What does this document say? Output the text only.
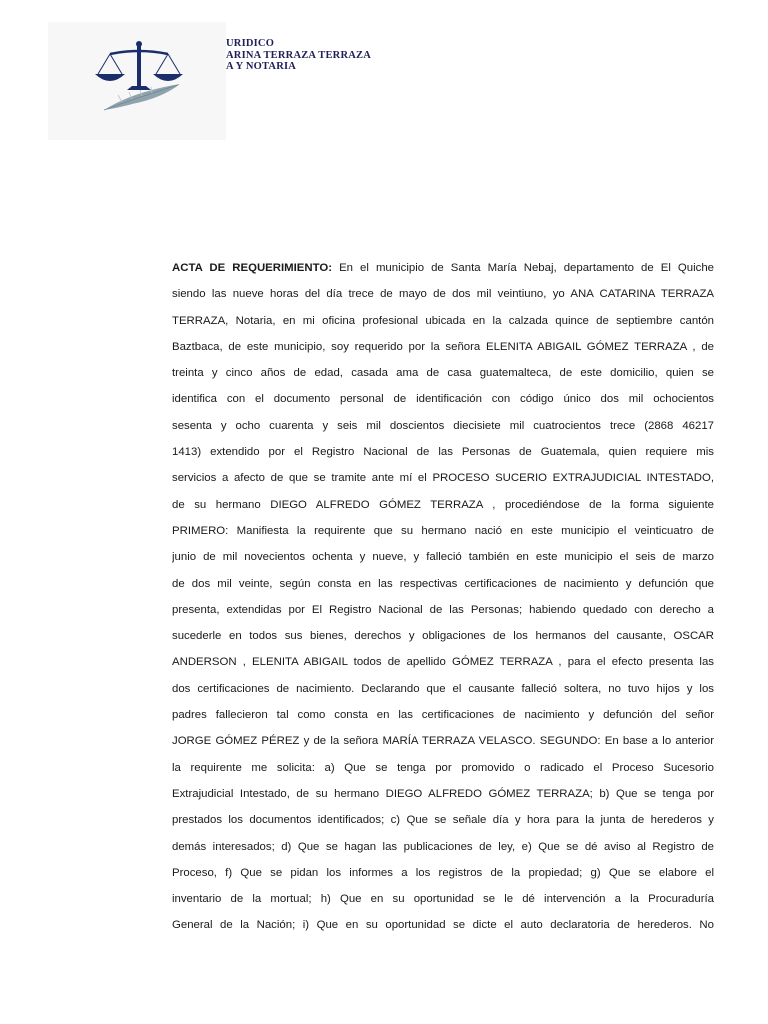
URIDICO
ARINA TERRAZA TERRAZA
A Y NOTARIA
ACTA DE REQUERIMIENTO: En el municipio de Santa María Nebaj, departamento de El Quiche
siendo las nueve horas del día trece de mayo de dos mil veintiuno, yo ANA CATARINA TERRAZA
TERRAZA, Notaria, en mi oficina profesional ubicada en la calzada quince de septiembre cantón
Baztbaca, de este municipio, soy requerido por la señora ELENITA ABIGAIL GÓMEZ TERRAZA , de
treinta y cinco años de edad, casada ama de casa guatemalteca, de este domicilio, quien se
identifica con el documento personal de identificación con código único dos mil ochocientos
sesenta y ocho cuarenta y seis mil doscientos diecisiete mil cuatrocientos trece (2868 46217
1413) extendido por el Registro Nacional de las Personas de Guatemala, quien requiere mis
servicios a afecto de que se tramite ante mí el PROCESO SUCERIO EXTRAJUDICIAL INTESTADO,
de su hermano DIEGO ALFREDO GÓMEZ TERRAZA , procediéndose de la forma siguiente
PRIMERO: Manifiesta la requirente que su hermano nació en este municipio el veinticuatro de
junio de mil novecientos ochenta y nueve, y falleció también en este municipio el seis de marzo
de dos mil veinte, según consta en las respectivas certificaciones de nacimiento y defunción que
presenta, extendidas por El Registro Nacional de las Personas; habiendo quedado con derecho a
sucederle en todos sus bienes, derechos y obligaciones de los hermanos del causante, OSCAR
ANDERSON , ELENITA ABIGAIL todos de apellido GÓMEZ TERRAZA , para el efecto presenta las
dos certificaciones de nacimiento. Declarando que el causante falleció soltera, no tuvo hijos y los
padres fallecieron tal como consta en las certificaciones de nacimiento y defunción del señor
JORGE GÓMEZ PÉREZ y de la señora MARÍA TERRAZA VELASCO. SEGUNDO: En base a lo anterior
la requirente me solicita: a) Que se tenga por promovido o radicado el Proceso Sucesorio
Extrajudicial Intestado, de su hermano DIEGO ALFREDO GÓMEZ TERRAZA; b) Que se tenga por
prestados los documentos identificados; c) Que se señale día y hora para la junta de herederos y
demás interesados; d) Que se hagan las publicaciones de ley, e) Que se dé aviso al Registro de
Proceso, f) Que se pidan los informes a los registros de la propiedad; g) Que se elabore el
inventario de la mortual; h) Que en su oportunidad se le dé intervención a la Procuraduría
General de la Nación; i) Que en su oportunidad se dicte el auto declaratoria de herederos. No
